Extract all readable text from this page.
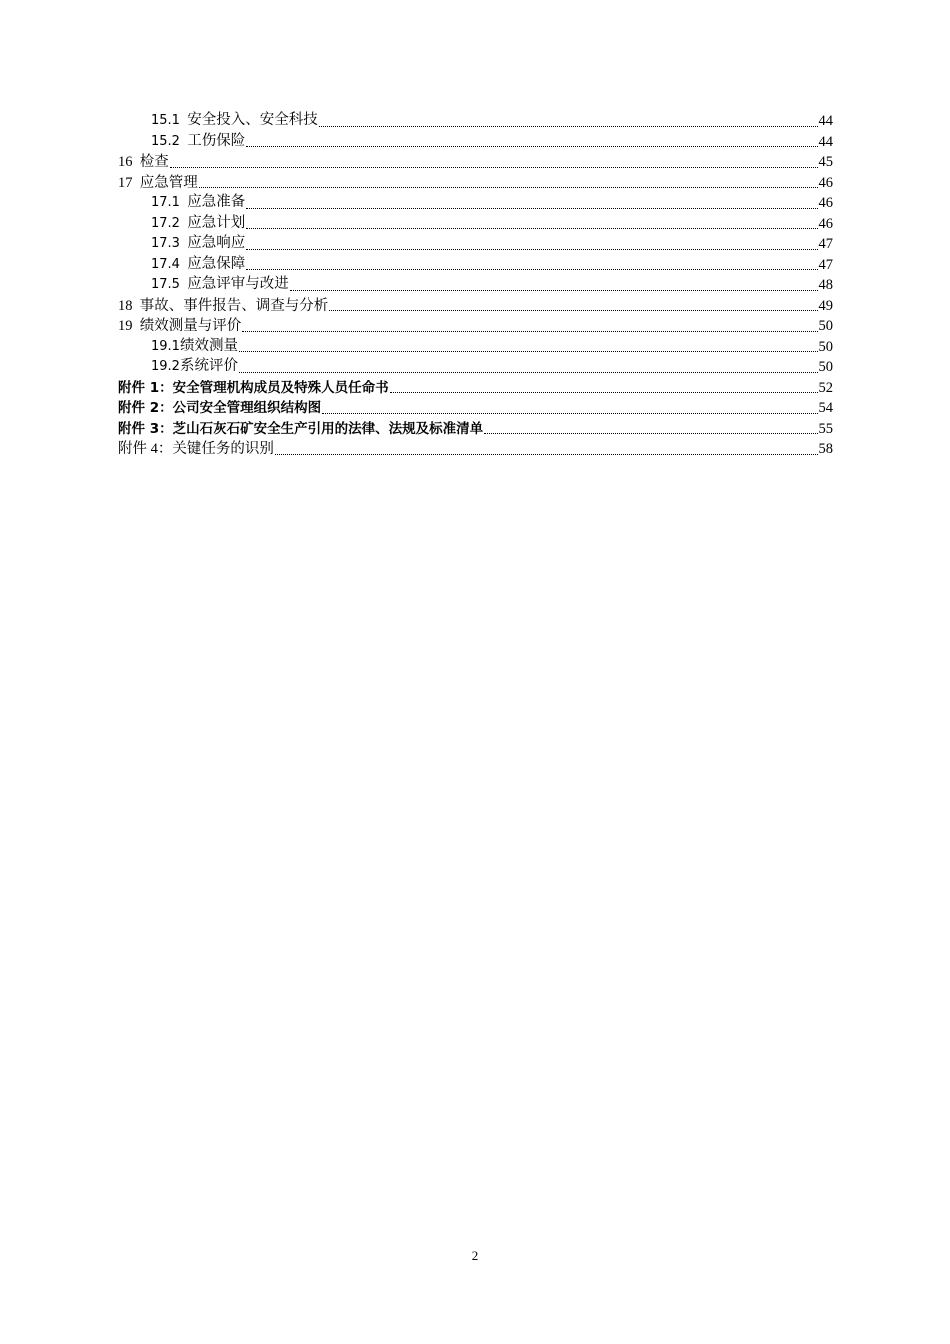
15.1 安全投入、安全科技	44
15.2 工伤保险	44
16 检查	45
17 应急管理	46
17.1 应急准备	46
17.2 应急计划	46
17.3 应急响应	47
17.4 应急保障	47
17.5 应急评审与改进	48
18 事故、事件报告、调查与分析	49
19 绩效测量与评价	50
19.1绩效测量	50
19.2系统评价	50
附件 1：安全管理机构成员及特殊人员任命书	52
附件 2：公司安全管理组织结构图	54
附件 3：芝山石灰石矿安全生产引用的法律、法规及标准清单	55
附件 4：关键任务的识别	58
2
